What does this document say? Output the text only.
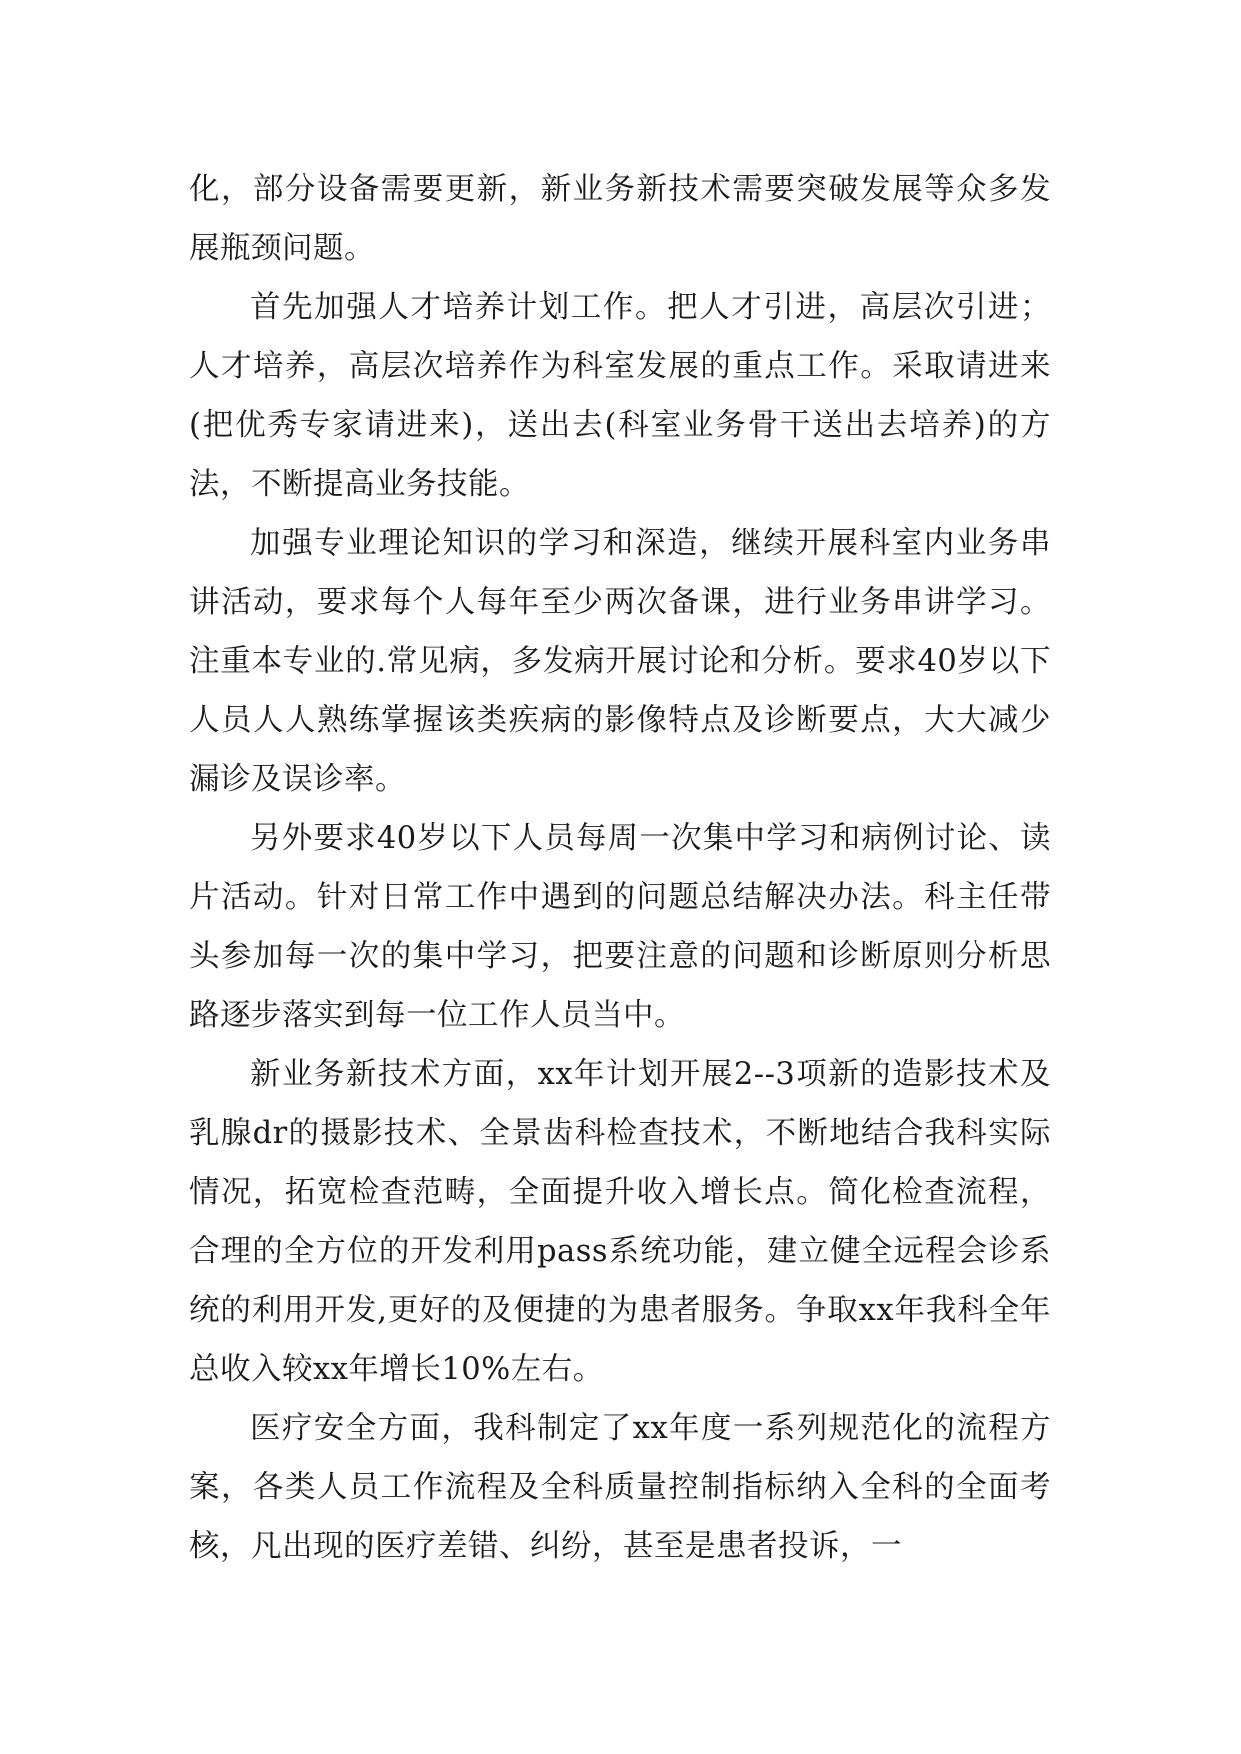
化，部分设备需要更新，新业务新技术需要突破发展等众多发展瓶颈问题。

首先加强人才培养计划工作。把人才引进，高层次引进；人才培养，高层次培养作为科室发展的重点工作。采取请进来(把优秀专家请进来)，送出去(科室业务骨干送出去培养)的方法，不断提高业务技能。

加强专业理论知识的学习和深造，继续开展科室内业务串讲活动，要求每个人每年至少两次备课，进行业务串讲学习。注重本专业的.常见病，多发病开展讨论和分析。要求40岁以下人员人人熟练掌握该类疾病的影像特点及诊断要点，大大减少漏诊及误诊率。

另外要求40岁以下人员每周一次集中学习和病例讨论、读片活动。针对日常工作中遇到的问题总结解决办法。科主任带头参加每一次的集中学习，把要注意的问题和诊断原则分析思路逐步落实到每一位工作人员当中。

新业务新技术方面，xx年计划开展2--3项新的造影技术及乳腺dr的摄影技术、全景齿科检查技术，不断地结合我科实际情况，拓宽检查范畴，全面提升收入增长点。简化检查流程，合理的全方位的开发利用pass系统功能，建立健全远程会诊系统的利用开发,更好的及便捷的为患者服务。争取xx年我科全年总收入较xx年增长10%左右。

医疗安全方面，我科制定了xx年度一系列规范化的流程方案，各类人员工作流程及全科质量控制指标纳入全科的全面考核，凡出现的医疗差错、纠纷，甚至是患者投诉，一
